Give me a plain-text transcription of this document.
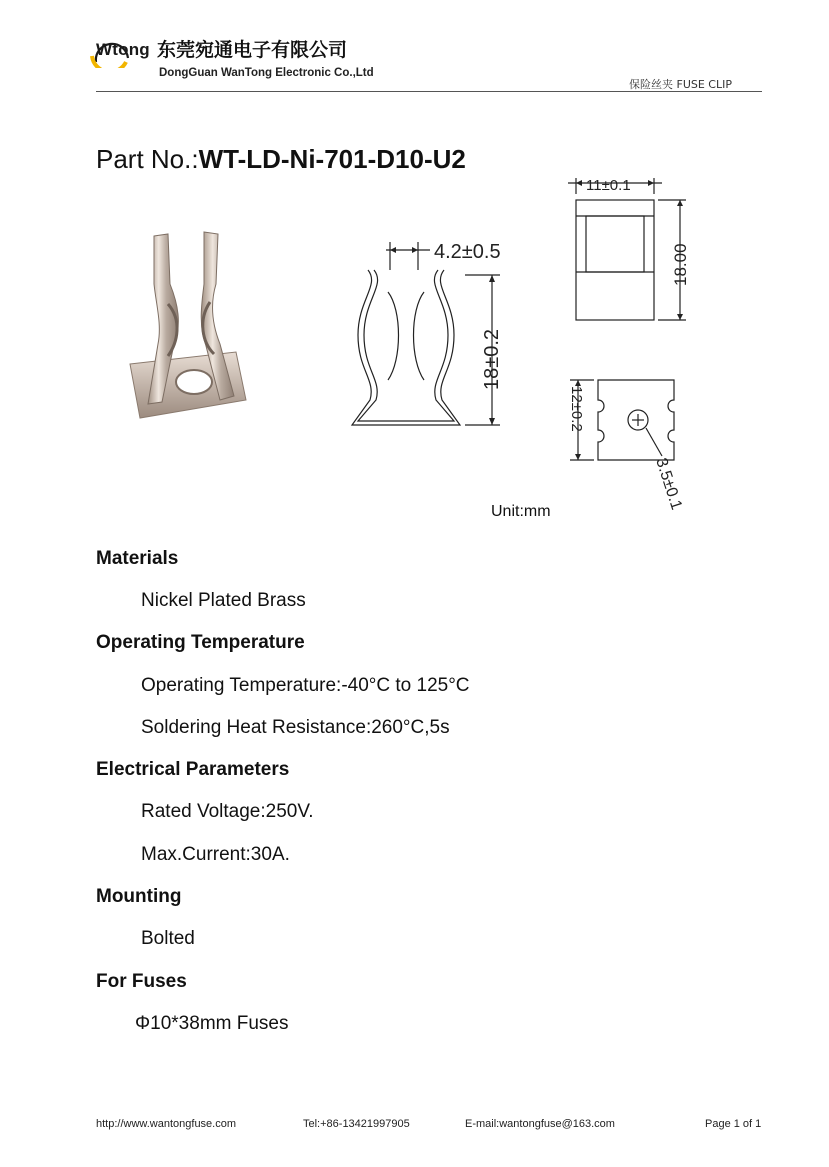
Wtong 东莞宛通电子有限公司
DongGuan WanTong Electronic Co.,Ltd
保险丝夹 FUSE CLIP
Part No.:WT-LD-Ni-701-D10-U2
4.2±0.5
18±0.2
11±0.1
18.00
12±0.2
3.5±0.1
Unit:mm
Materials
Nickel Plated Brass
Operating Temperature
Operating Temperature:-40°C to 125°C
Soldering Heat Resistance:260°C,5s
Electrical Parameters
Rated Voltage:250V.
Max.Current:30A.
Mounting
Bolted
For Fuses
Φ10*38mm Fuses
http://www.wantongfuse.com	Tel:+86-13421997905	E-mail:wantongfuse@163.com	Page 1 of 1
